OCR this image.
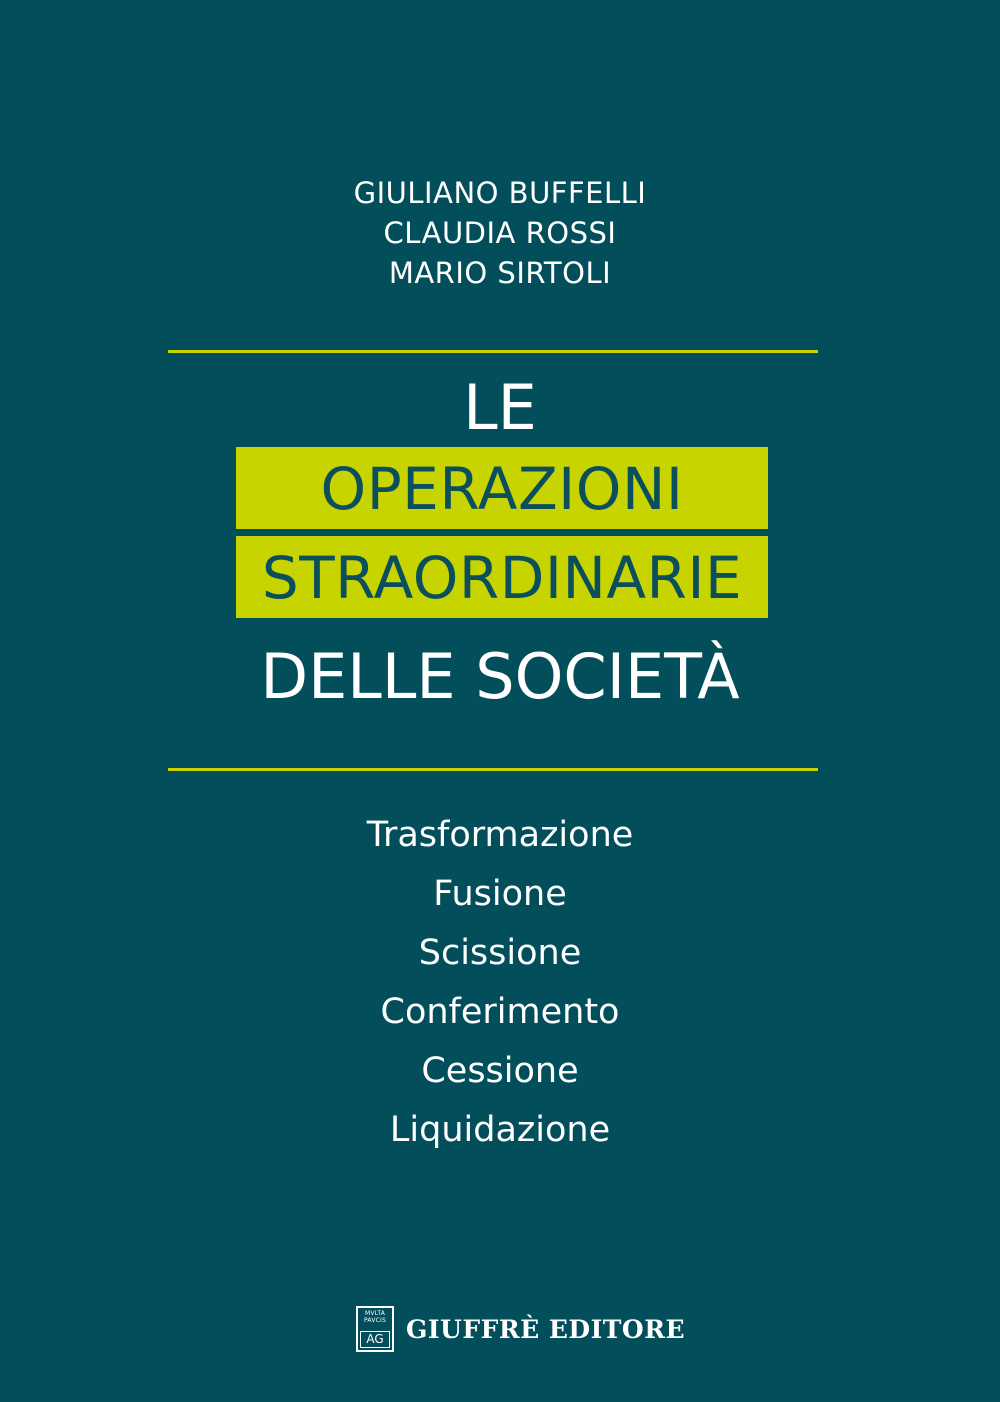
GIULIANO BUFFELLI
CLAUDIA ROSSI
MARIO SIRTOLI
LE
OPERAZIONI
STRAORDINARIE
DELLE SOCIETÀ
Trasformazione
Fusione
Scissione
Conferimento
Cessione
Liquidazione
MVLTA
PAVCIS
AG GIUFFRÈ EDITORE
